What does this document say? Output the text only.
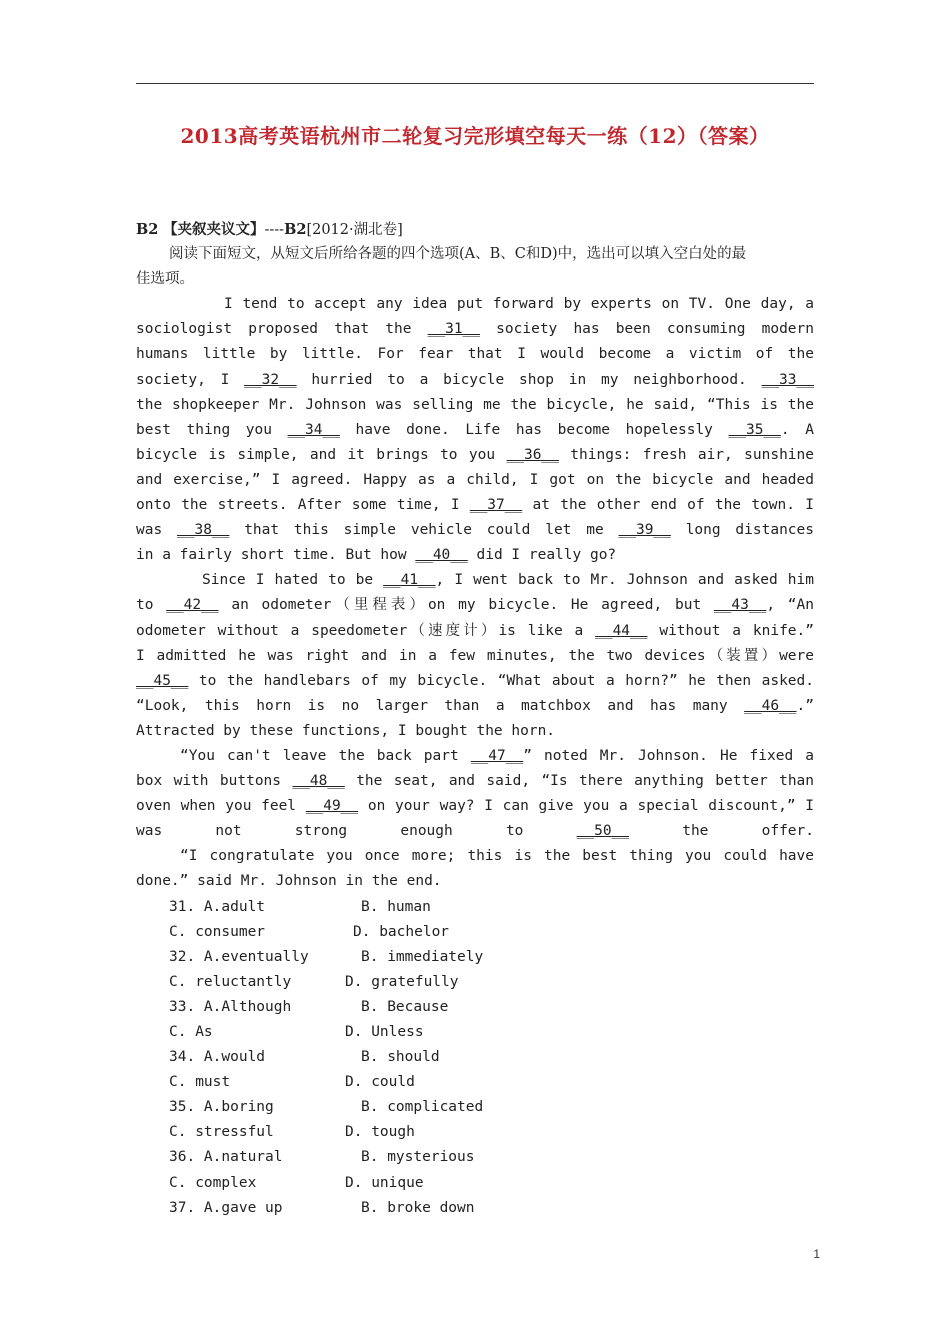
2013高考英语杭州市二轮复习完形填空每天一练（12）（答案）
B2 【夹叙夹议文】----B2[2012·湖北卷]
阅读下面短文，从短文后所给各题的四个选项(A、B、C和D)中，选出可以填入空白处的最
佳选项。
I tend to accept any idea put forward by experts on TV. One day, a
sociologist proposed that the __31__ society has been consuming modern
humans little by little. For fear that I would become a victim of the
society, I __32__ hurried to a bicycle shop in my neighborhood. __33__
the shopkeeper Mr. Johnson was selling me the bicycle, he said, “This is the
best thing you __34__ have done. Life has become hopelessly __35__. A
bicycle is simple, and it brings to you __36__ things: fresh air, sunshine
and exercise,” I agreed. Happy as a child, I got on the bicycle and headed
onto the streets. After some time, I __37__ at the other end of the town. I
was __38__ that this simple vehicle could let me __39__ long distances
in a fairly short time. But how __40__ did I really go?
Since I hated to be __41__, I went back to Mr. Johnson and asked him
to __42__ an odometer（里程表）on my bicycle. He agreed, but __43__, “An
odometer without a speedometer（速度计）is like a __44__ without a knife.”
I admitted he was right and in a few minutes, the two devices（装置）were
__45__ to the handlebars of my bicycle. “What about a horn?” he then asked.
“Look, this horn is no larger than a matchbox and has many __46__.”
Attracted by these functions, I bought the horn.
“You can't leave the back part __47__” noted Mr. Johnson. He fixed a
box with buttons __48__ the seat, and said, “Is there anything better than
oven when you feel __49__ on your way? I can give you a special discount,” I
was not strong enough to __50__ the offer.
“I congratulate you once more; this is the best thing you could have
done.” said Mr. Johnson in the end.
31. A.adult	B. human
C. consumer	D. bachelor
32. A.eventually	B. immediately
C. reluctantly	D. gratefully
33. A.Although	B. Because
C. As	D. Unless
34. A.would	B. should
C. must	D. could
35. A.boring	B. complicated
C. stressful	D. tough
36. A.natural	B. mysterious
C. complex	D. unique
37. A.gave up	B. broke down
1
